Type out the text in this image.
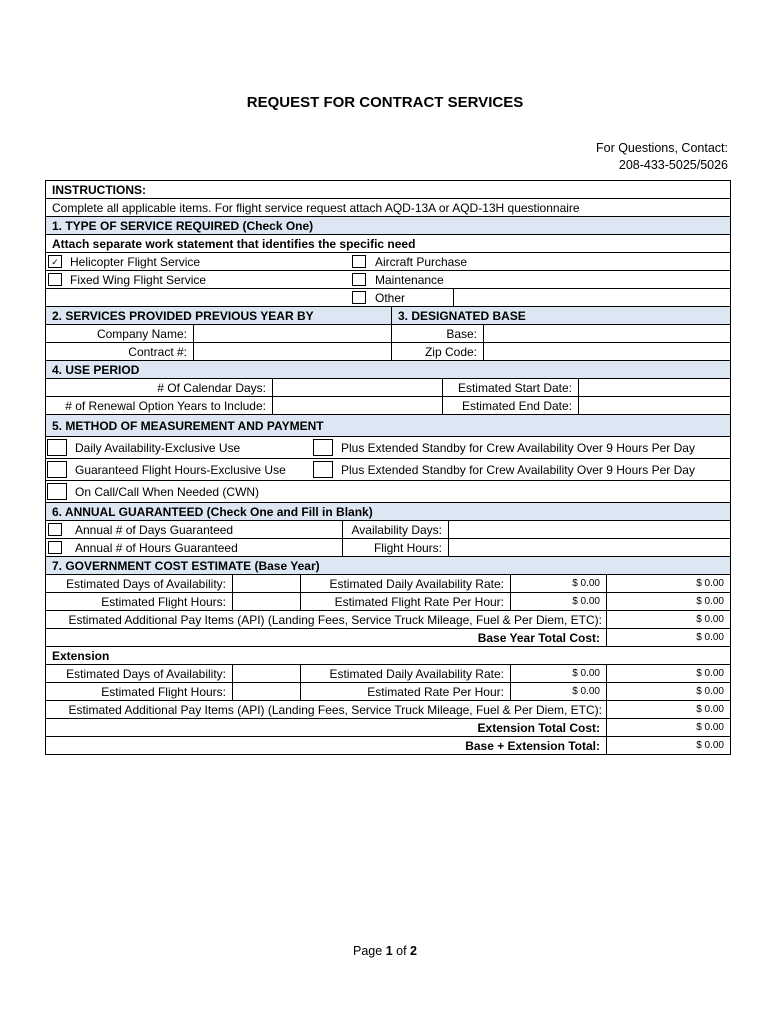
REQUEST FOR CONTRACT SERVICES
For Questions, Contact:
208-433-5025/5026
INSTRUCTIONS:
Complete all applicable items. For flight service request attach AQD-13A or AQD-13H questionnaire
1. TYPE OF SERVICE REQUIRED (Check One)
Attach separate work statement that identifies the specific need
✓ Helicopter Flight Service	Aircraft Purchase
Fixed Wing Flight Service	Maintenance
Other
2. SERVICES PROVIDED PREVIOUS YEAR BY	3. DESIGNATED BASE
Company Name:	Base:
Contract #:	Zip Code:
4. USE PERIOD
# Of Calendar Days:	Estimated Start Date:
# of Renewal Option Years to Include:	Estimated End Date:
5. METHOD OF MEASUREMENT AND PAYMENT
Daily Availability-Exclusive Use	Plus Extended Standby for Crew Availability Over 9 Hours Per Day
Guaranteed Flight Hours-Exclusive Use	Plus Extended Standby for Crew Availability Over 9 Hours Per Day
On Call/Call When Needed (CWN)
6. ANNUAL GUARANTEED (Check One and Fill in Blank)
Annual # of Days Guaranteed	Availability Days:
Annual # of Hours Guaranteed	Flight Hours:
7. GOVERNMENT COST ESTIMATE (Base Year)
Estimated Days of Availability:	Estimated Daily Availability Rate:	$ 0.00	$ 0.00
Estimated Flight Hours:	Estimated Flight Rate Per Hour:	$ 0.00	$ 0.00
Estimated Additional Pay Items (API) (Landing Fees, Service Truck Mileage, Fuel & Per Diem, ETC):	$ 0.00
Base Year Total Cost:	$ 0.00
Extension
Estimated Days of Availability:	Estimated Daily Availability Rate:	$ 0.00	$ 0.00
Estimated Flight Hours:	Estimated Rate Per Hour:	$ 0.00	$ 0.00
Estimated Additional Pay Items (API) (Landing Fees, Service Truck Mileage, Fuel & Per Diem, ETC):	$ 0.00
Extension Total Cost:	$ 0.00
Base + Extension Total:	$ 0.00
Page 1 of 2
